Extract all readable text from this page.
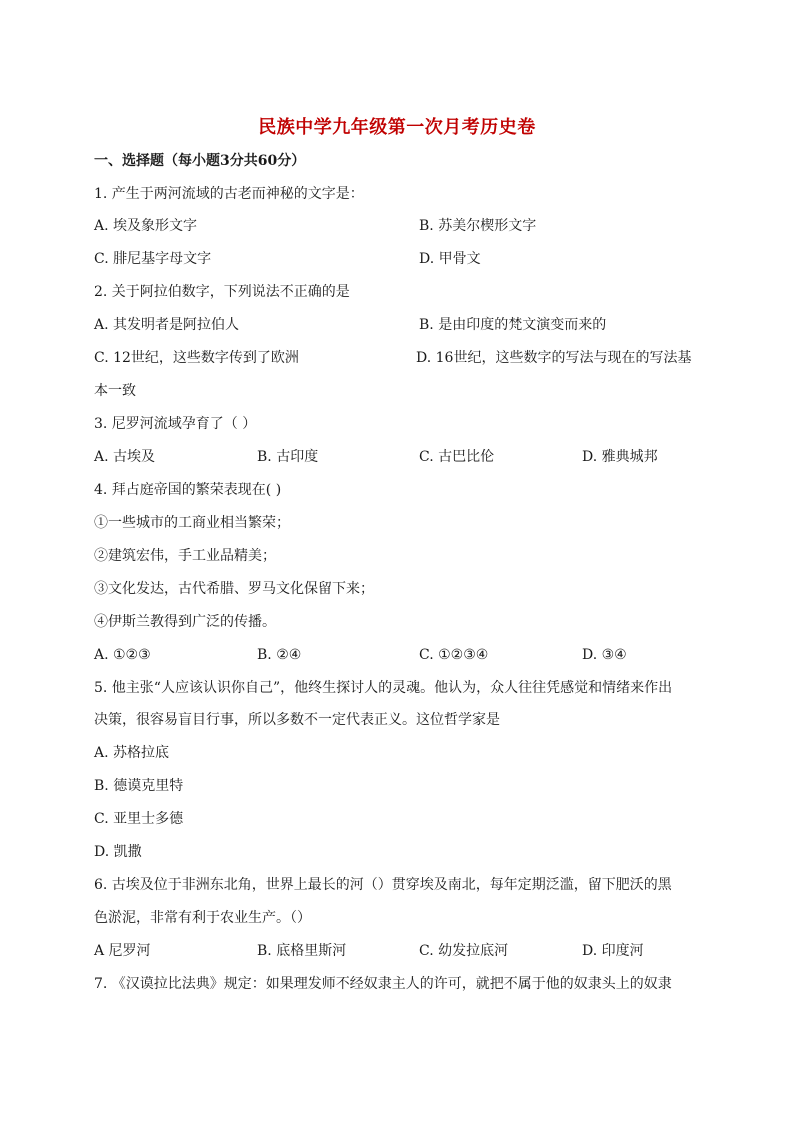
民族中学九年级第一次月考历史卷
一、选择题（每小题3分共60分）
1. 产生于两河流域的古老而神秘的文字是：
A. 埃及象形文字	B. 苏美尔楔形文字
C. 腓尼基字母文字	D. 甲骨文
2. 关于阿拉伯数字，下列说法不正确的是
A. 其发明者是阿拉伯人	B. 是由印度的梵文演变而来的
C. 12世纪，这些数字传到了欧洲	D. 16世纪，这些数字的写法与现在的写法基
本一致
3. 尼罗河流域孕育了（ ）
A. 古埃及	B. 古印度	C. 古巴比伦	D. 雅典城邦
4. 拜占庭帝国的繁荣表现在( )
①一些城市的工商业相当繁荣；
②建筑宏伟，手工业品精美；
③文化发达，古代希腊、罗马文化保留下来；
④伊斯兰教得到广泛的传播。
A. ①②③	B. ②④	C. ①②③④	D. ③④
5. 他主张“人应该认识你自己”，他终生探讨人的灵魂。他认为，众人往往凭感觉和情绪来作出
决策，很容易盲目行事，所以多数不一定代表正义。这位哲学家是
A. 苏格拉底
B. 德谟克里特
C. 亚里士多德
D. 凯撒
6. 古埃及位于非洲东北角，世界上最长的河（）贯穿埃及南北，每年定期泛滥，留下肥沃的黑
色淤泥，非常有利于农业生产。（）
A 尼罗河	B. 底格里斯河	C. 幼发拉底河	D. 印度河
7. 《汉谟拉比法典》规定：如果理发师不经奴隶主人的许可，就把不属于他的奴隶头上的奴隶
